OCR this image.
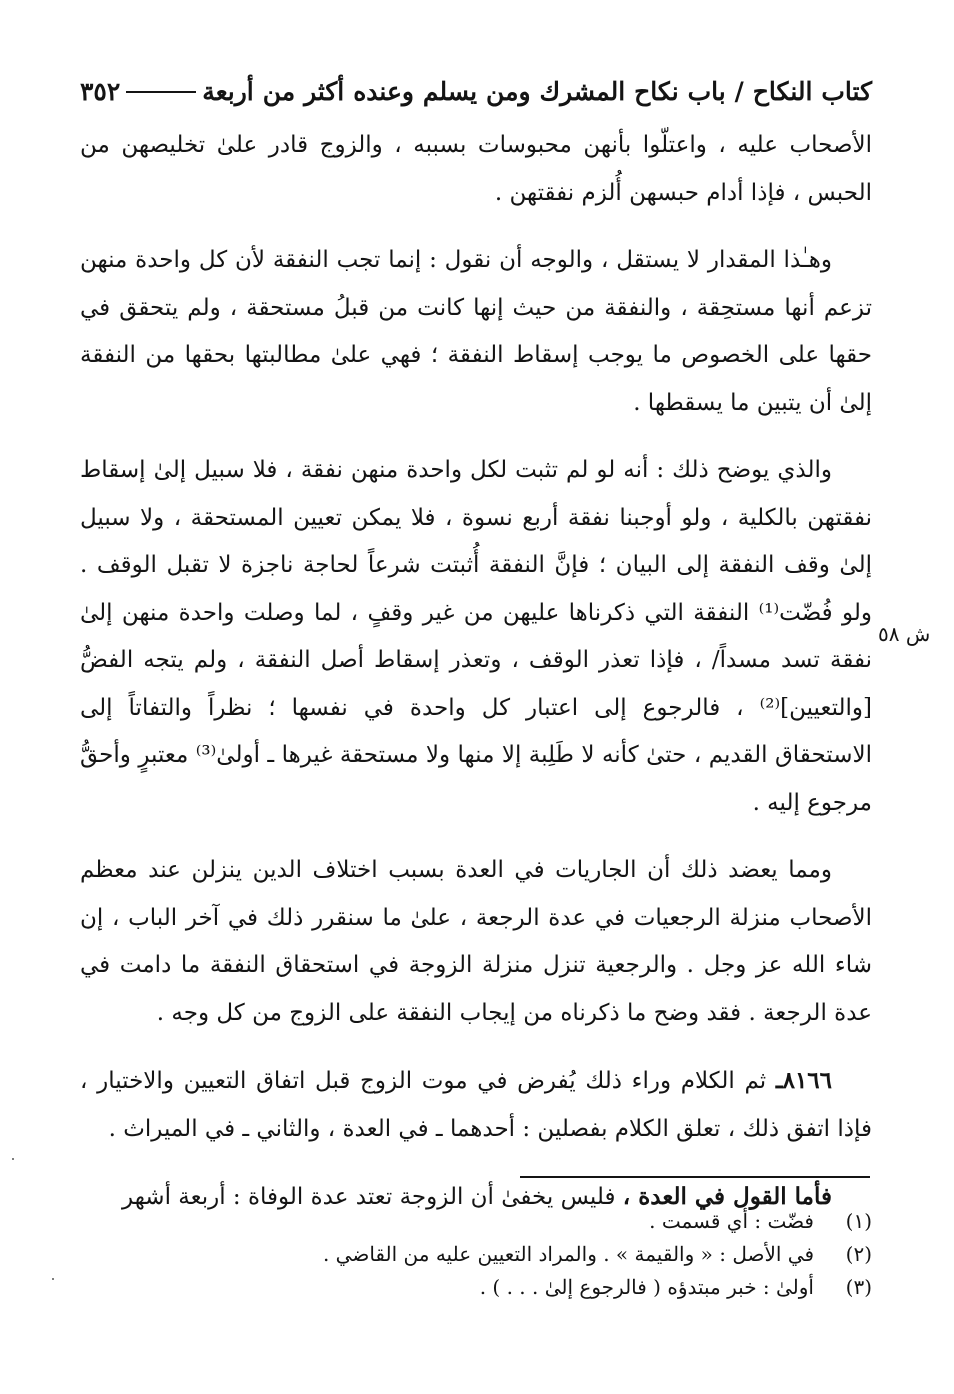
كتاب النكاح / باب نكاح المشرك ومن يسلم وعنده أكثر من أربعة
٣٥٢

الأصحاب عليه ، واعتلّوا بأنهن محبوسات بسببه ، والزوج قادر علىٰ تخليصهن من الحبس ، فإذا أدام حبسهن أُلزم نفقتهن .

وهـٰذا المقدار لا يستقل ، والوجه أن نقول : إنما تجب النفقة لأن كل واحدة منهن تزعم أنها مستحِقة ، والنفقة من حيث إنها كانت من قبلُ مستحقة ، ولم يتحقق في حقها على الخصوص ما يوجب إسقاط النفقة ؛ فهي علىٰ مطالبتها بحقها من النفقة إلىٰ أن يتبين ما يسقطها .

والذي يوضح ذلك : أنه لو لم تثبت لكل واحدة منهن نفقة ، فلا سبيل إلىٰ إسقاط نفقتهن بالكلية ، ولو أوجبنا نفقة أربع نسوة ، فلا يمكن تعيين المستحقة ، ولا سبيل إلىٰ وقف النفقة إلى البيان ؛ فإنَّ النفقة أُثبتت شرعاً لحاجة ناجزة لا تقبل الوقف . ولو فُضّت⁽¹⁾ النفقة التي ذكرناها عليهن من غير وقفٍ ، لما وصلت واحدة منهن إلىٰ نفقة تسد مسداً/ ، فإذا تعذر الوقف ، وتعذر إسقاط أصل النفقة ، ولم يتجه الفضُّ [والتعيين]⁽²⁾ ، فالرجوع إلى اعتبار كل واحدة في نفسها ؛ نظراً والتفاتاً إلى الاستحقاق القديم ، حتىٰ كأنه لا طَلِبة إلا منها ولا مستحقة غيرها ـ أولىٰ⁽³⁾ معتبرٍ وأحقُّ مرجوع إليه .

ومما يعضد ذلك أن الجاريات في العدة بسبب اختلاف الدين ينزلن عند معظم الأصحاب منزلة الرجعيات في عدة الرجعة ، علىٰ ما سنقرر ذلك في آخر الباب ، إن شاء الله عز وجل . والرجعية تنزل منزلة الزوجة في استحقاق النفقة ما دامت في عدة الرجعة . فقد وضح ما ذكرناه من إيجاب النفقة على الزوج من كل وجه .

٨١٦٦ـ ثم الكلام وراء ذلك يُفرض في موت الزوج قبل اتفاق التعيين والاختيار ، فإذا اتفق ذلك ، تعلق الكلام بفصلين : أحدهما ـ في العدة ، والثاني ـ في الميراث .

فأما القول في العدة ، فليس يخفىٰ أن الزوجة تعتد عدة الوفاة : أربعة أشهر

ش ٥٨
(١)فضّت : أي قسمت .
(٢)في الأصل : « والقيمة » . والمراد التعيين عليه من القاضي .
(٣)أولىٰ : خبر مبتدؤه ( فالرجوع إلىٰ . . . ) .
